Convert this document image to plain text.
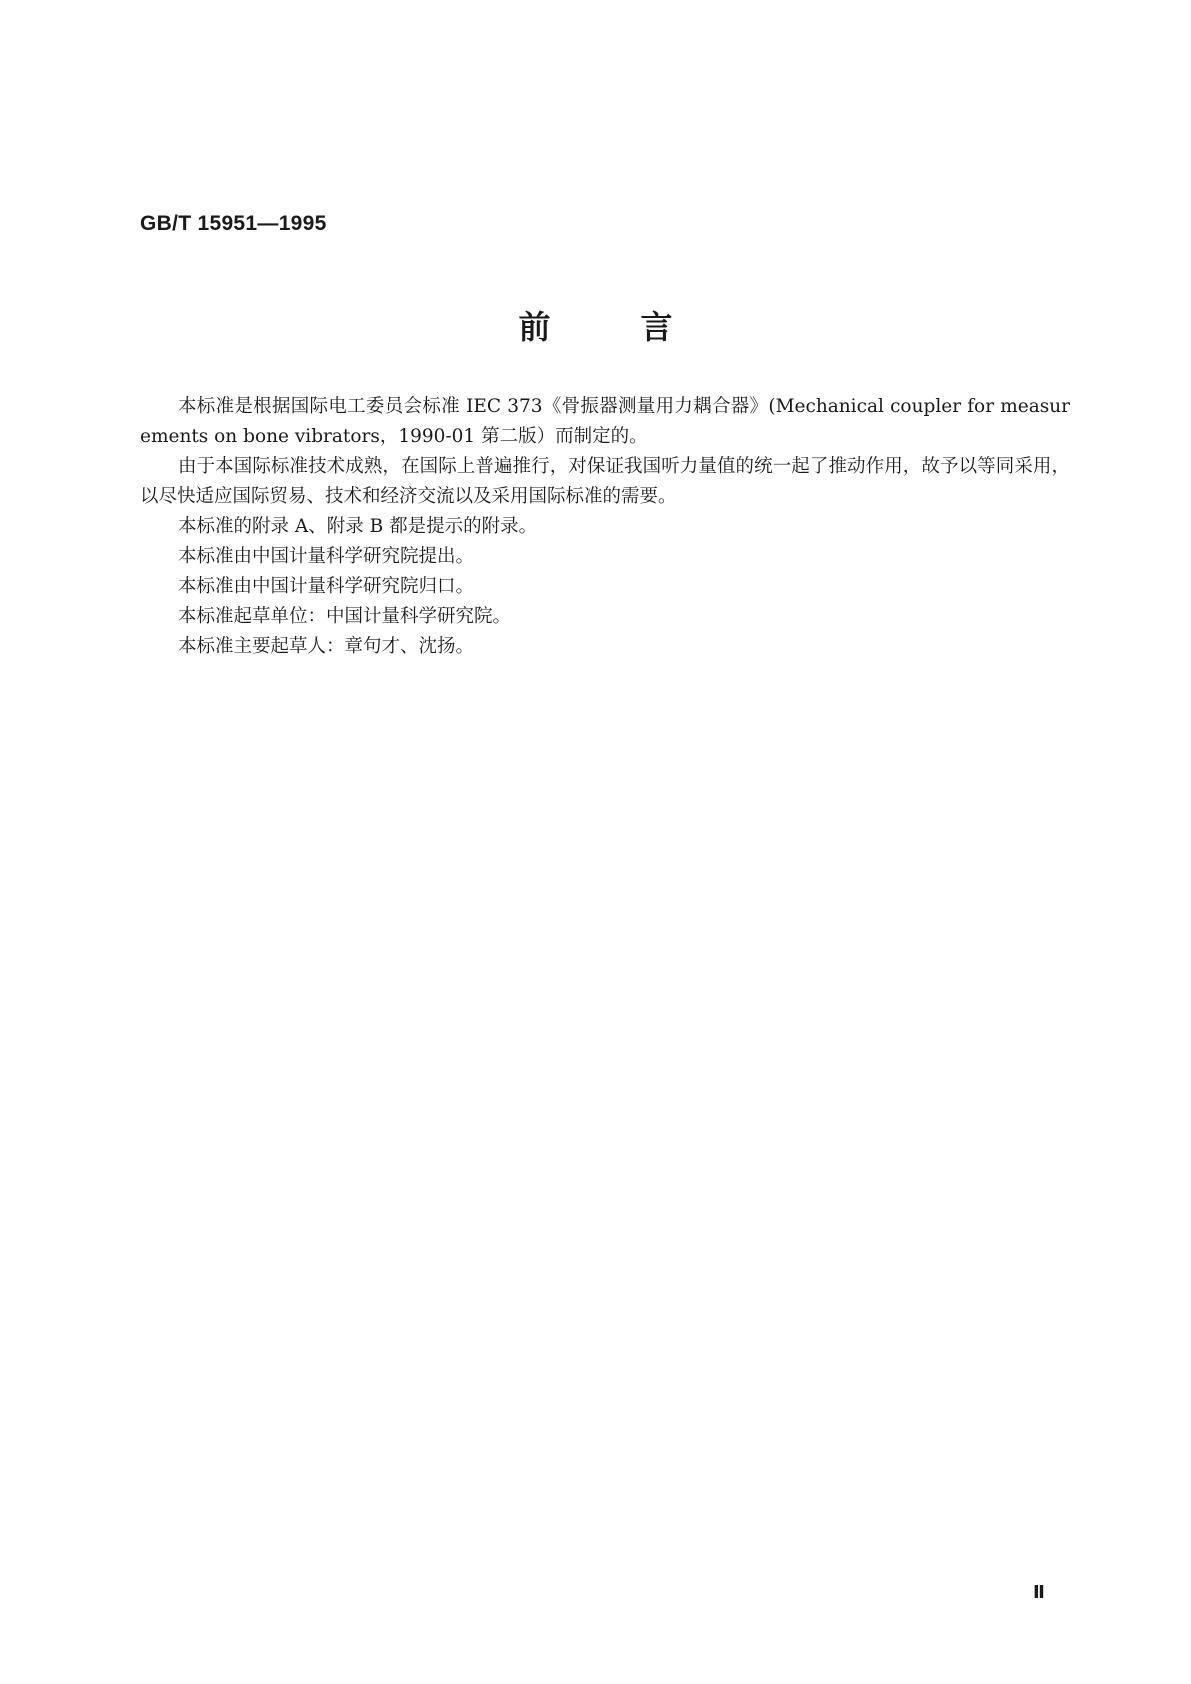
GB/T 15951—1995
前	言

本标准是根据国际电工委员会标准 IEC 373《骨振器测量用力耦合器》(Mechanical coupler for measurements on bone vibrators，1990-01 第二版）而制定的。

由于本国际标准技术成熟，在国际上普遍推行，对保证我国听力量值的统一起了推动作用，故予以等同采用，以尽快适应国际贸易、技术和经济交流以及采用国际标准的需要。

本标准的附录 A、附录 B 都是提示的附录。

本标准由中国计量科学研究院提出。

本标准由中国计量科学研究院归口。

本标准起草单位：中国计量科学研究院。

本标准主要起草人：章句才、沈扬。

Ⅱ
